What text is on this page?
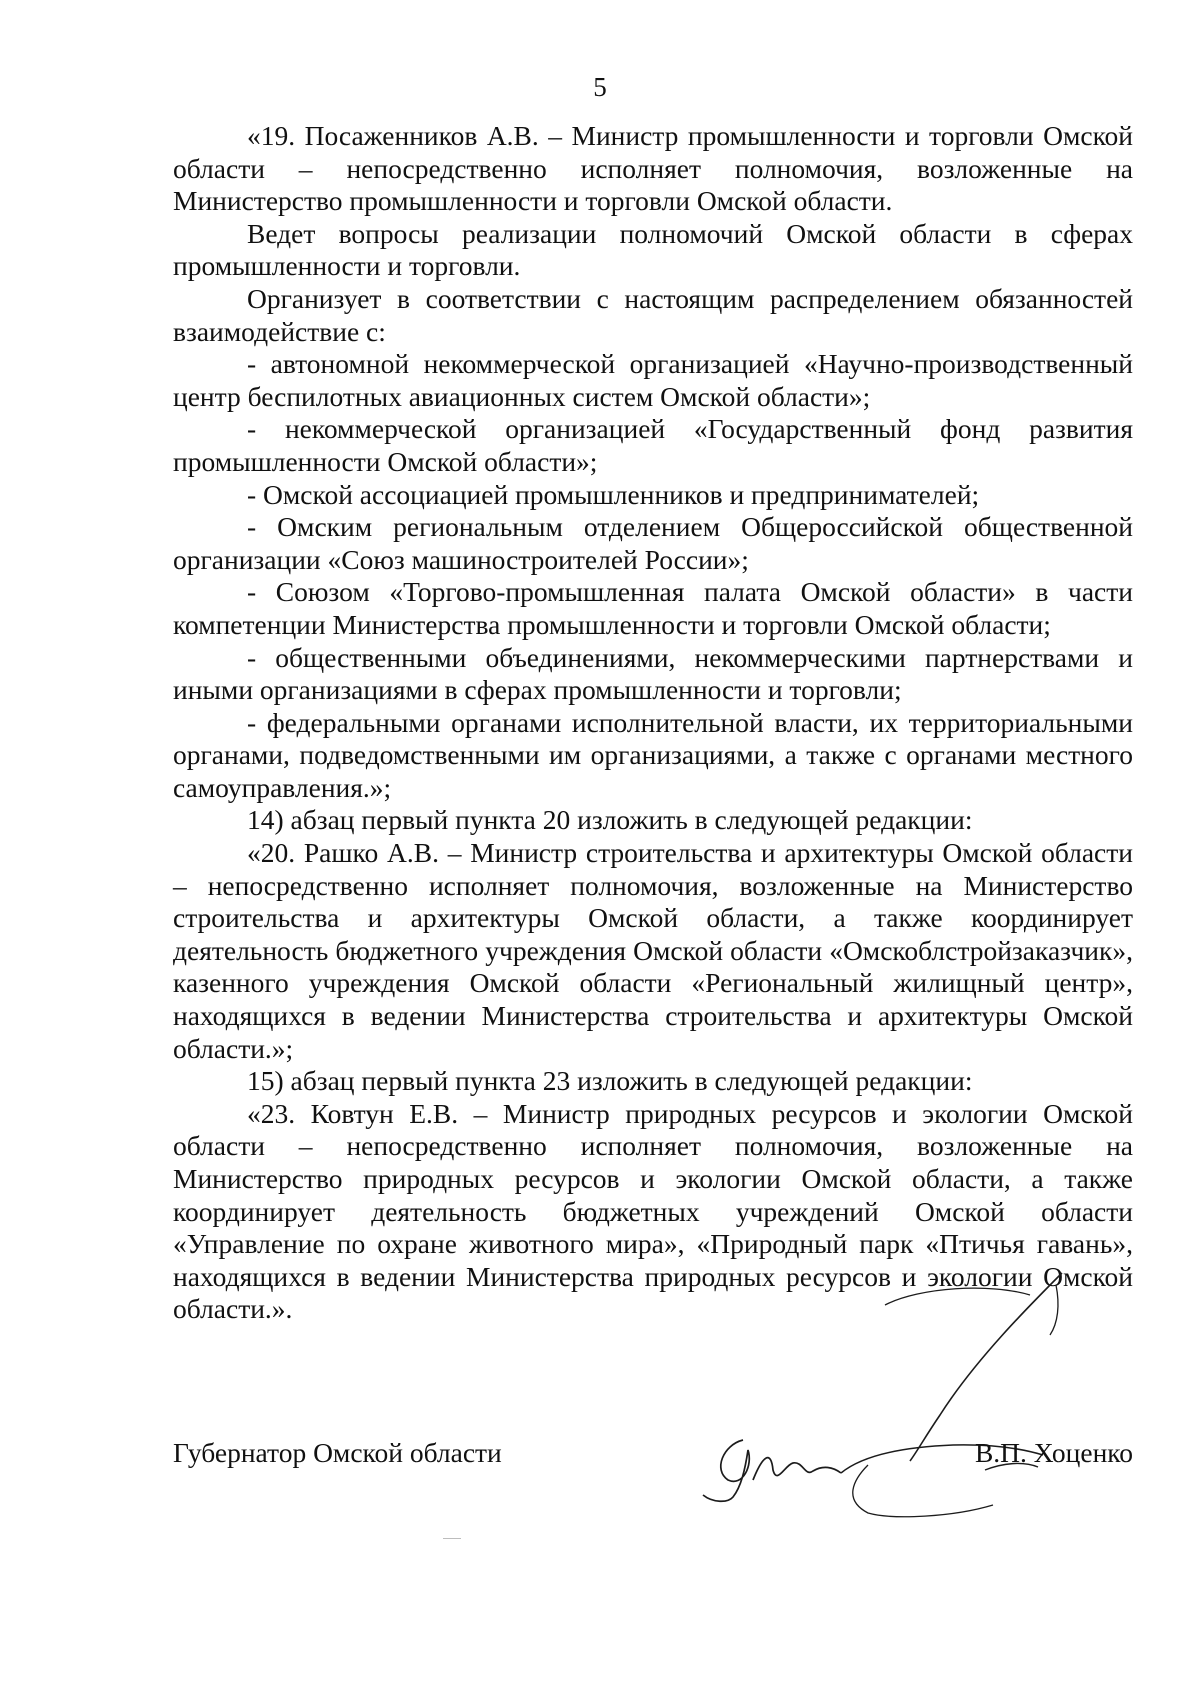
5

«19. Посаженников А.В. – Министр промышленности и торговли Омской области – непосредственно исполняет полномочия, возложенные на Министерство промышленности и торговли Омской области.

Ведет вопросы реализации полномочий Омской области в сферах промышленности и торговли.

Организует в соответствии с настоящим распределением обязанностей взаимодействие с:

- автономной некоммерческой организацией «Научно-производственный центр беспилотных авиационных систем Омской области»;

- некоммерческой организацией «Государственный фонд развития промышленности Омской области»;

- Омской ассоциацией промышленников и предпринимателей;

- Омским региональным отделением Общероссийской общественной организации «Союз машиностроителей России»;

- Союзом «Торгово-промышленная палата Омской области» в части компетенции Министерства промышленности и торговли Омской области;

- общественными объединениями, некоммерческими партнерствами и иными организациями в сферах промышленности и торговли;

- федеральными органами исполнительной власти, их территориальными органами, подведомственными им организациями, а также с органами местного самоуправления.»;

14) абзац первый пункта 20 изложить в следующей редакции:

«20. Рашко А.В. – Министр строительства и архитектуры Омской области – непосредственно исполняет полномочия, возложенные на Министерство строительства и архитектуры Омской области, а также координирует деятельность бюджетного учреждения Омской области «Омскоблстройзаказчик», казенного учреждения Омской области «Региональный жилищный центр», находящихся в ведении Министерства строительства и архитектуры Омской области.»;

15) абзац первый пункта 23 изложить в следующей редакции:

«23. Ковтун Е.В. – Министр природных ресурсов и экологии Омской области – непосредственно исполняет полномочия, возложенные на Министерство природных ресурсов и экологии Омской области, а также координирует деятельность бюджетных учреждений Омской области «Управление по охране животного мира», «Природный парк «Птичья гавань», находящихся в ведении Министерства природных ресурсов и экологии Омской области.».

Губернатор Омской области	В.П. Хоценко
